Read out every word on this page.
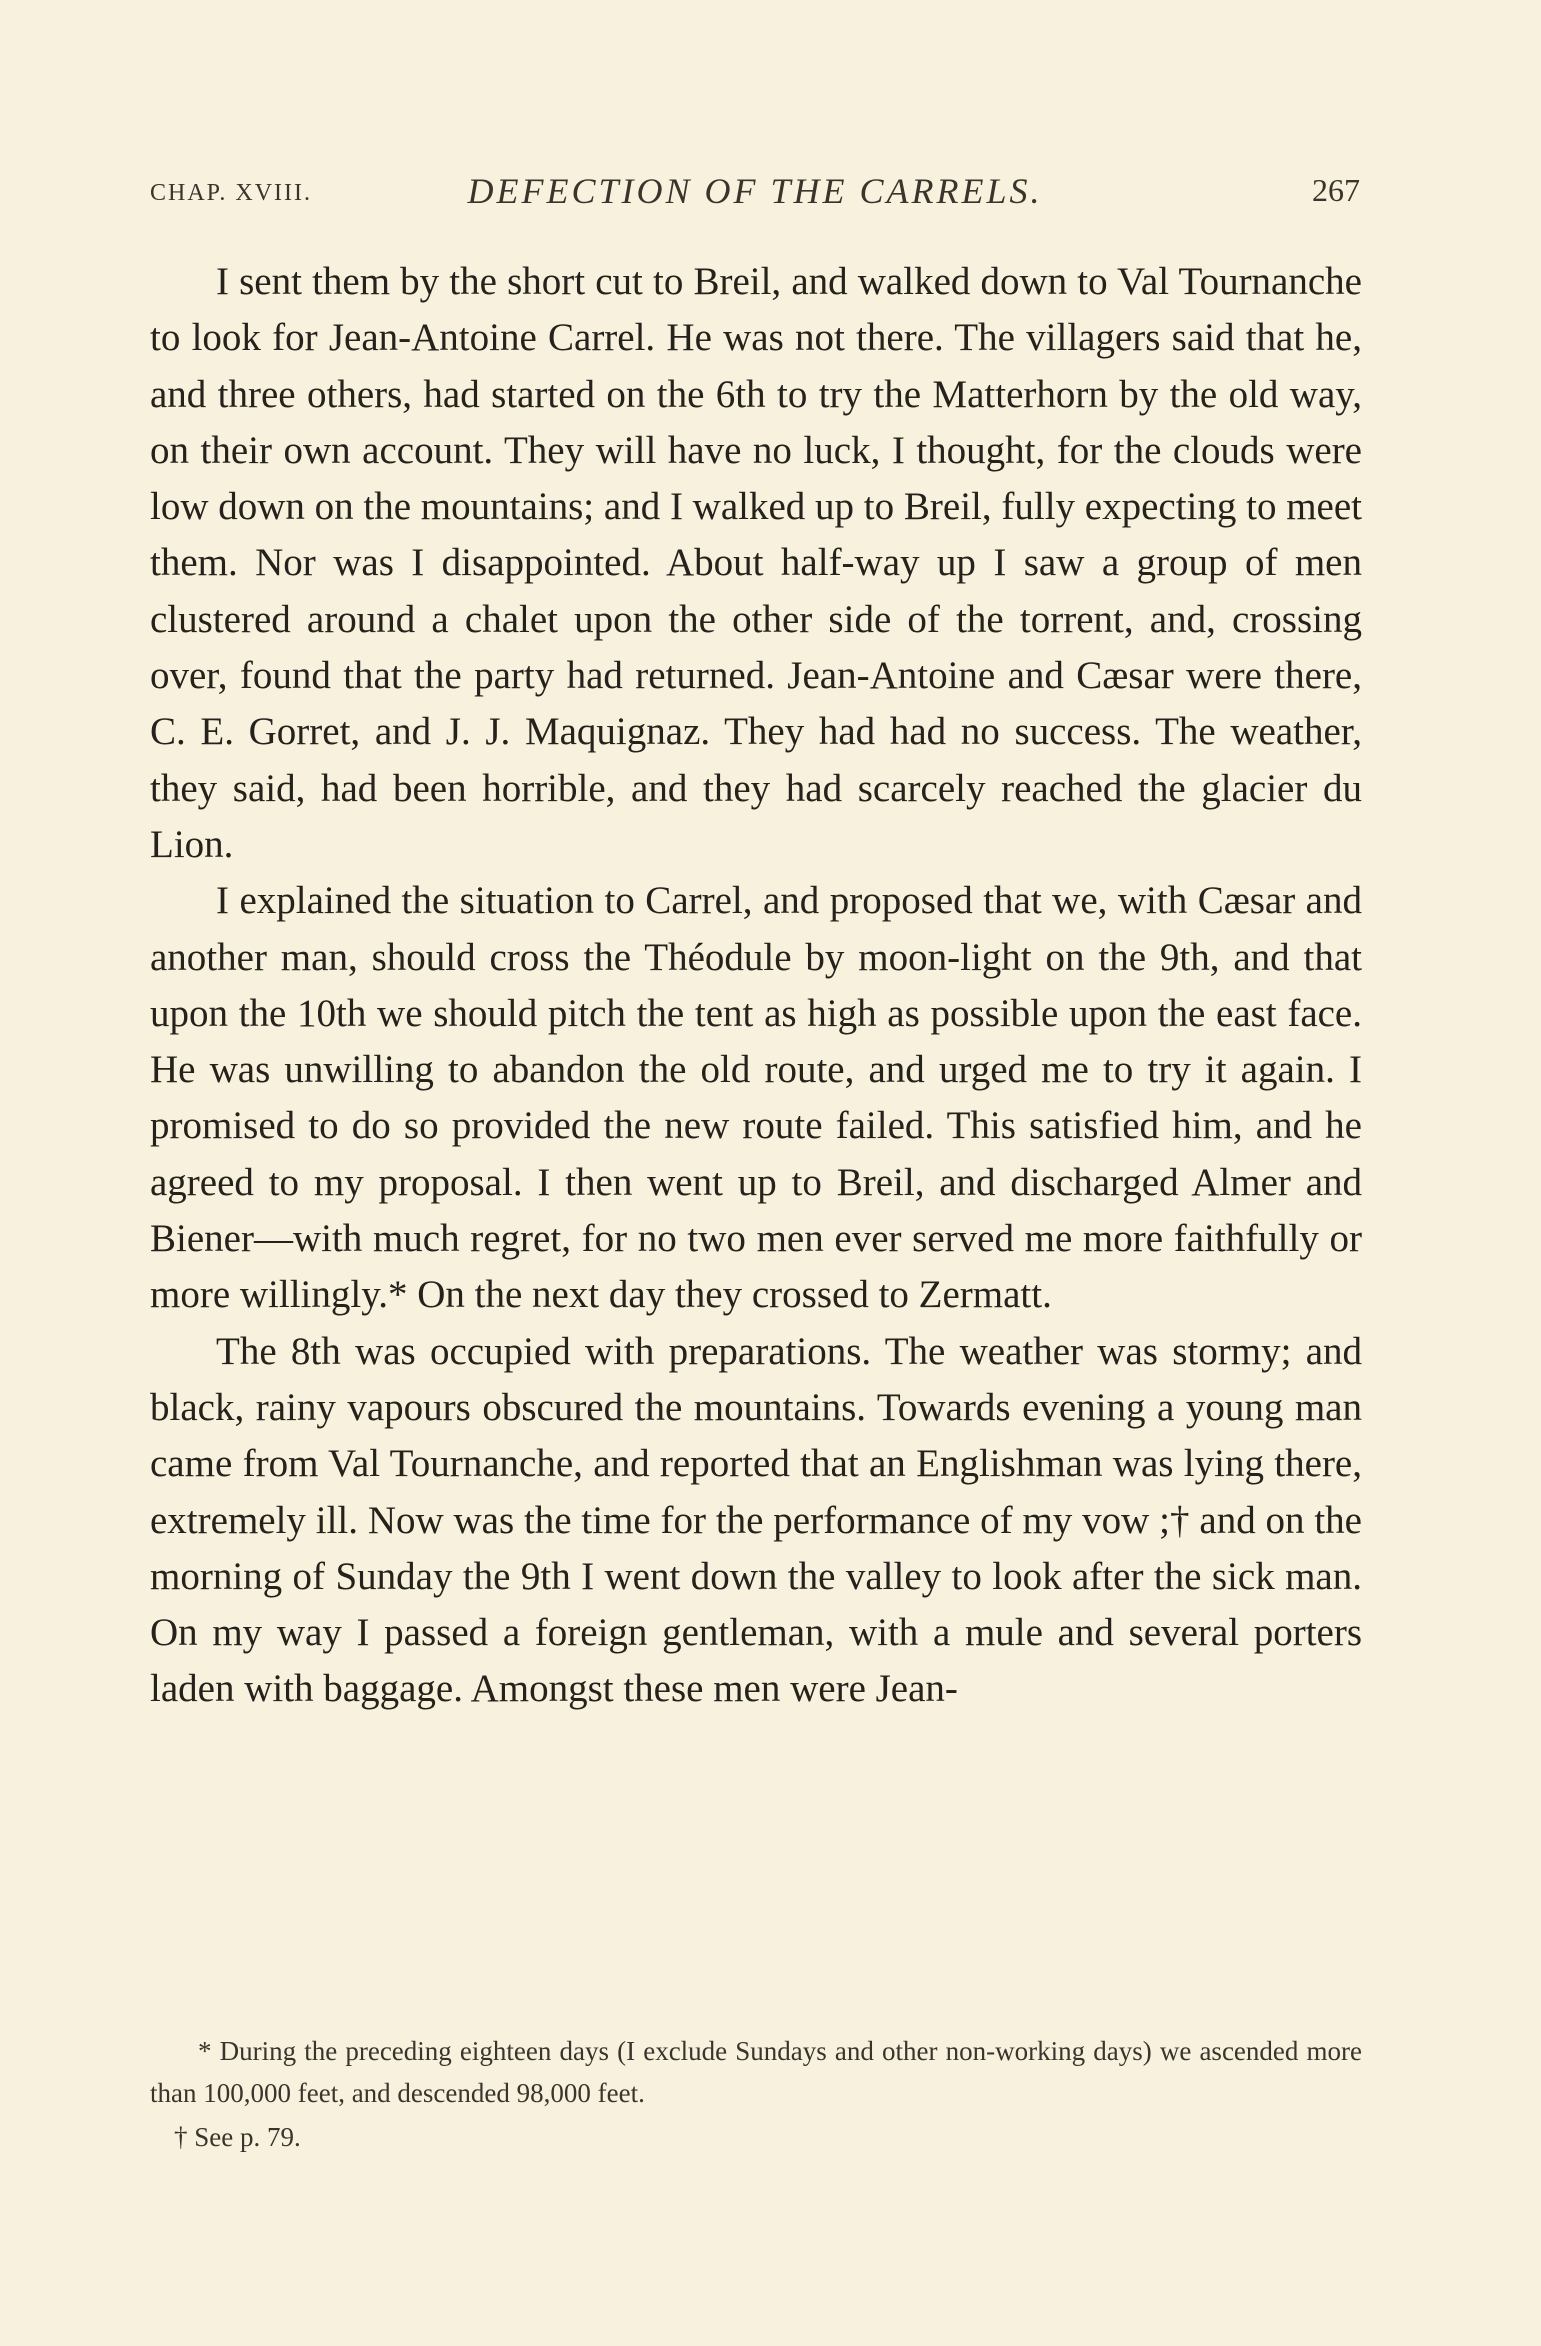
CHAP. XVIII.	DEFECTION OF THE CARRELS.	267

I sent them by the short cut to Breil, and walked down to Val Tournanche to look for Jean-Antoine Carrel. He was not there. The villagers said that he, and three others, had started on the 6th to try the Matterhorn by the old way, on their own account. They will have no luck, I thought, for the clouds were low down on the mountains; and I walked up to Breil, fully expecting to meet them. Nor was I disappointed. About half-way up I saw a group of men clustered around a chalet upon the other side of the torrent, and, crossing over, found that the party had returned. Jean-Antoine and Cæsar were there, C. E. Gorret, and J. J. Maquignaz. They had had no success. The weather, they said, had been horrible, and they had scarcely reached the glacier du Lion.

I explained the situation to Carrel, and proposed that we, with Cæsar and another man, should cross the Théodule by moon-light on the 9th, and that upon the 10th we should pitch the tent as high as possible upon the east face. He was unwilling to abandon the old route, and urged me to try it again. I promised to do so provided the new route failed. This satisfied him, and he agreed to my proposal. I then went up to Breil, and discharged Almer and Biener—with much regret, for no two men ever served me more faithfully or more willingly.* On the next day they crossed to Zermatt.

The 8th was occupied with preparations. The weather was stormy; and black, rainy vapours obscured the mountains. Towards evening a young man came from Val Tournanche, and reported that an Englishman was lying there, extremely ill. Now was the time for the performance of my vow ;† and on the morning of Sunday the 9th I went down the valley to look after the sick man. On my way I passed a foreign gentleman, with a mule and several porters laden with baggage. Amongst these men were Jean-

* During the preceding eighteen days (I exclude Sundays and other non-working days) we ascended more than 100,000 feet, and descended 98,000 feet.

† See p. 79.
